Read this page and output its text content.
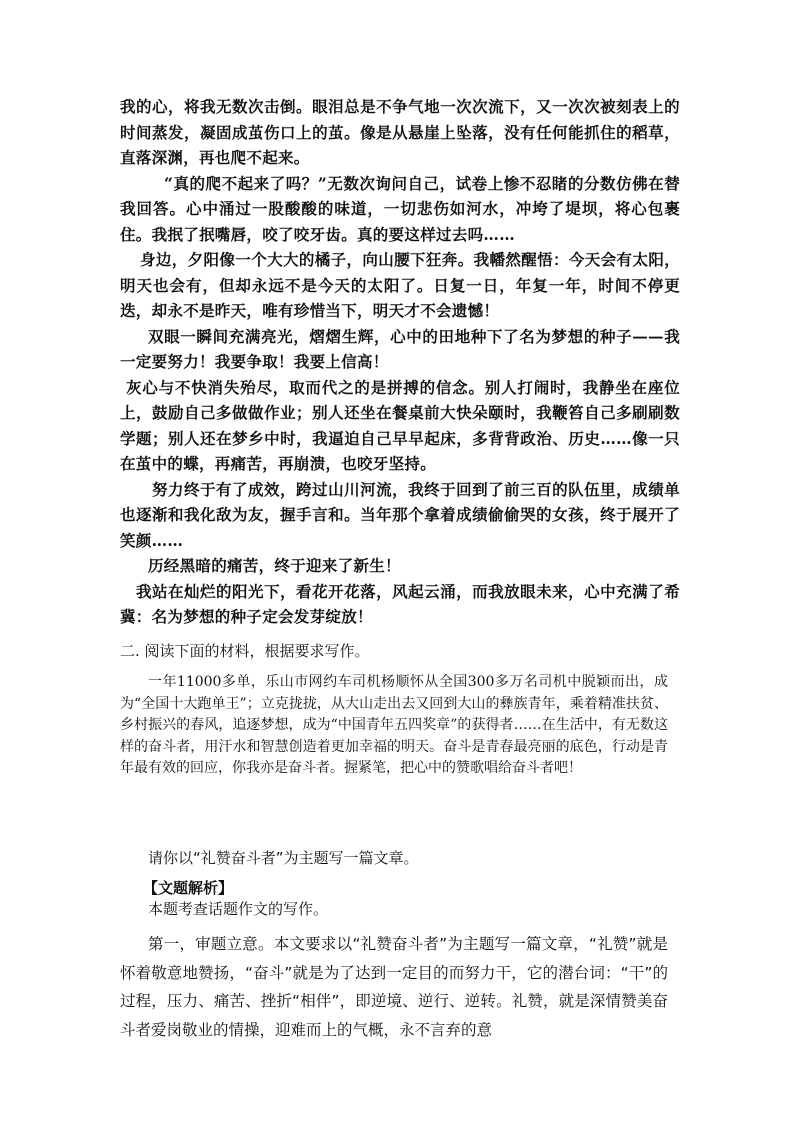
我的心，将我无数次击倒。眼泪总是不争气地一次次流下，又一次次被刻表上的时间蒸发，凝固成茧伤口上的茧。像是从悬崖上坠落，没有任何能抓住的稻草，直落深渊，再也爬不起来。

“真的爬不起来了吗？”无数次询问自己，试卷上惨不忍睹的分数仿佛在替我回答。心中涌过一股酸酸的味道，一切悲伤如河水，冲垮了堤坝，将心包裹住。我抿了抿嘴唇，咬了咬牙齿。真的要这样过去吗……

身边，夕阳像一个大大的橘子，向山腰下狂奔。我幡然醒悟：今天会有太阳，明天也会有，但却永远不是今天的太阳了。日复一日，年复一年，时间不停更迭，却永不是昨天，唯有珍惜当下，明天才不会遗憾！

双眼一瞬间充满亮光，熠熠生辉，心中的田地种下了名为梦想的种子——我一定要努力！我要争取！我要上信高！

灰心与不快消失殆尽，取而代之的是拼搏的信念。别人打闹时，我静坐在座位上，鼓励自己多做做作业；别人还坐在餐桌前大快朵颐时，我鞭笞自己多刷刷数学题；别人还在梦乡中时，我逼迫自己早早起床，多背背政治、历史……像一只在茧中的蝶，再痛苦，再崩溃，也咬牙坚持。

努力终于有了成效，跨过山川河流，我终于回到了前三百的队伍里，成绩单也逐渐和我化敌为友，握手言和。当年那个拿着成绩偷偷哭的女孩，终于展开了笑颜……

历经黑暗的痛苦，终于迎来了新生！

我站在灿烂的阳光下，看花开花落，风起云涌，而我放眼未来，心中充满了希冀：名为梦想的种子定会发芽绽放！

二. 阅读下面的材料，根据要求写作。

一年11000多单，乐山市网约车司机杨顺怀从全国300多万名司机中脱颖而出，成为“全国十大跑单王”；立克拢拢，从大山走出去又回到大山的彝族青年，乘着精准扶贫、乡村振兴的春风，追逐梦想，成为“中国青年五四奖章”的获得者……在生活中，有无数这样的奋斗者，用汗水和智慧创造着更加幸福的明天。奋斗是青春最亮丽的底色，行动是青年最有效的回应，你我亦是奋斗者。握紧笔，把心中的赞歌唱给奋斗者吧！

请你以“礼赞奋斗者”为主题写一篇文章。
【文题解析】
本题考查话题作文的写作。

第一，审题立意。本文要求以“礼赞奋斗者”为主题写一篇文章，“礼赞”就是怀着敬意地赞扬，“奋斗”就是为了达到一定目的而努力干，它的潜台词：“干”的过程，压力、痛苦、挫折“相伴”，即逆境、逆行、逆转。礼赞，就是深情赞美奋斗者爱岗敬业的情操，迎难而上的气概，永不言弃的意
